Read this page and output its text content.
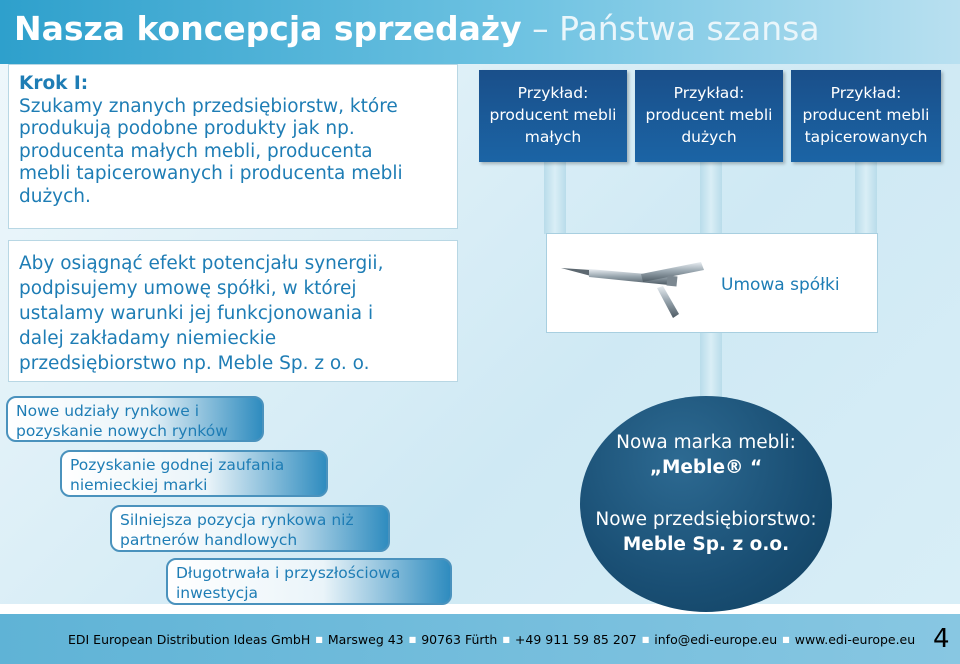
Nasza koncepcja sprzedaży – Państwa szansa
Krok I:
Szukamy znanych przedsiębiorstw, które
produkują podobne produkty jak np.
producenta małych mebli, producenta
mebli tapicerowanych i producenta mebli
dużych.
Przykład:
producent mebli
małych
Przykład:
producent mebli
dużych
Przykład:
producent mebli
tapicerowanych
Aby osiągnąć efekt potencjału synergii,
podpisujemy umowę spółki, w której
ustalamy warunki jej funkcjonowania i
dalej zakładamy niemieckie
przedsiębiorstwo np. Meble Sp. z o. o.
Umowa spółki
Nowe udziały rynkowe i
pozyskanie nowych rynków
Pozyskanie godnej zaufania
niemieckiej marki
Silniejsza pozycja rynkowa niż
partnerów handlowych
Długotrwała i przyszłościowa
inwestycja
Nowa marka mebli:
„Meble® “
Nowe przedsiębiorstwo:
Meble Sp. z o.o.
EDI European Distribution Ideas GmbH ■ Marsweg 43 ■ 90763 Fürth ■ +49 911 59 85 207 ■ info@edi-europe.eu ■ www.edi-europe.eu 4
